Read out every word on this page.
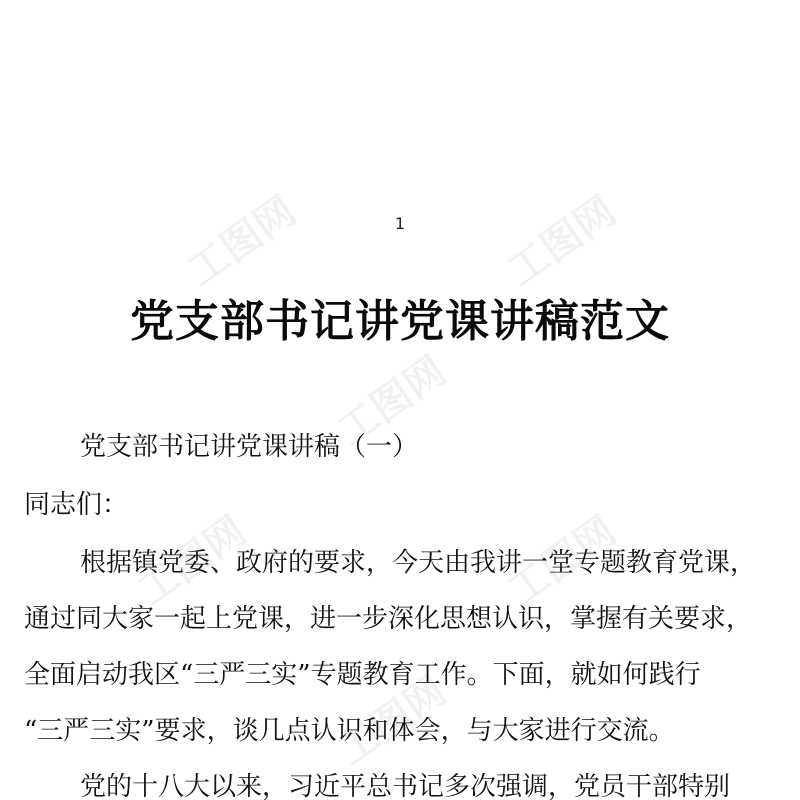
工图网	工图网
工图网
工图网	工图网
工图网
1
党支部书记讲党课讲稿范文

党支部书记讲党课讲稿（一）

同志们：

根据镇党委、政府的要求，今天由我讲一堂专题教育党课，

通过同大家一起上党课，进一步深化思想认识，掌握有关要求，

全面启动我区“三严三实”专题教育工作。下面，就如何践行

“三严三实”要求，谈几点认识和体会，与大家进行交流。

党的十八大以来，习近平总书记多次强调，党员干部特别
